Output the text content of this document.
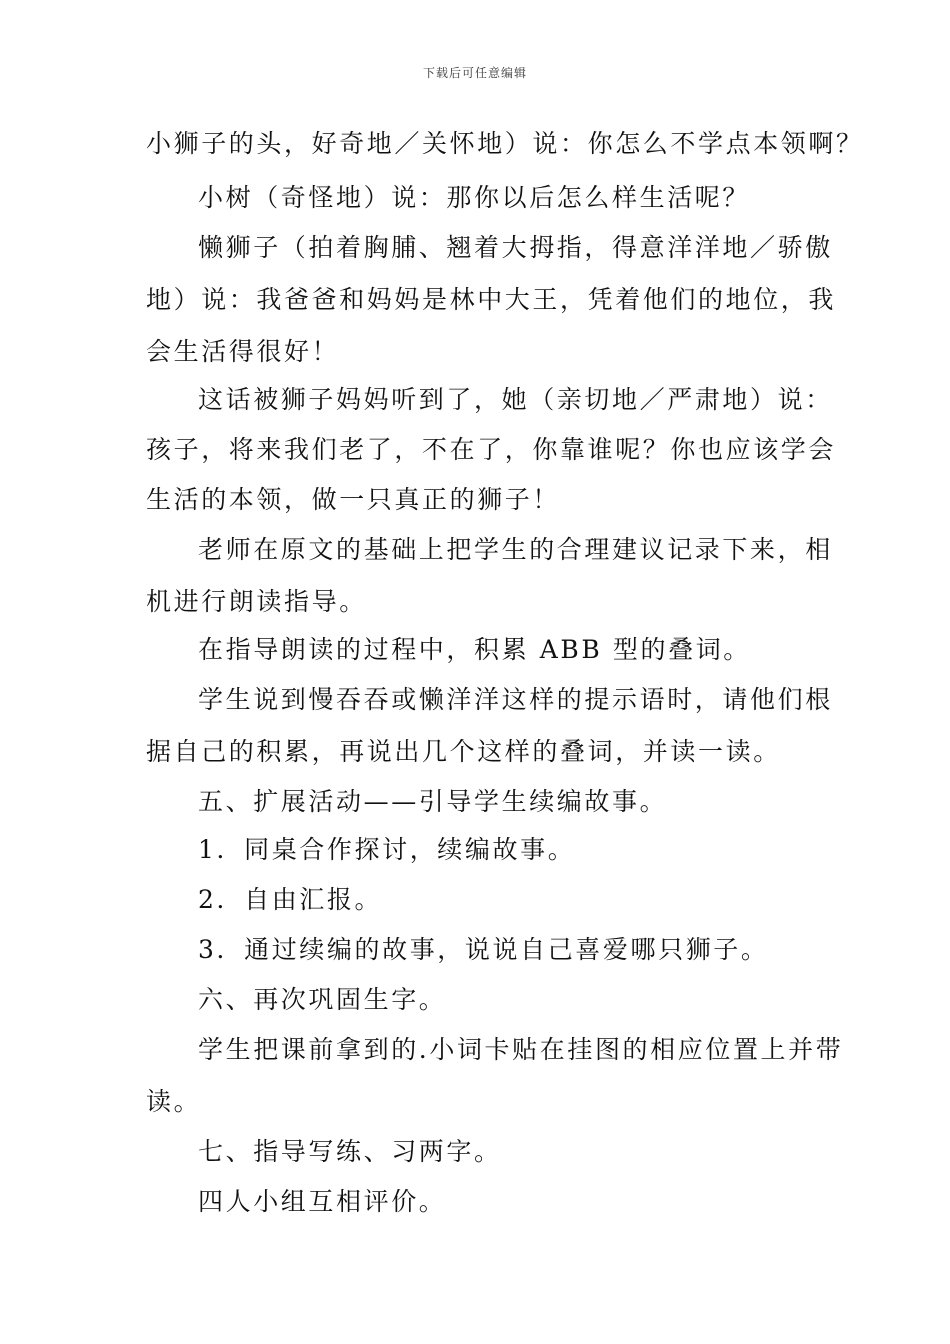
下载后可任意编辑
小狮子的头，好奇地／关怀地）说：你怎么不学点本领啊？
小树（奇怪地）说：那你以后怎么样生活呢？
懒狮子（拍着胸脯、翘着大拇指，得意洋洋地／骄傲
地）说：我爸爸和妈妈是林中大王，凭着他们的地位，我
会生活得很好！
这话被狮子妈妈听到了，她（亲切地／严肃地）说：
孩子，将来我们老了，不在了，你靠谁呢？你也应该学会
生活的本领，做一只真正的狮子！
老师在原文的基础上把学生的合理建议记录下来，相
机进行朗读指导。
在指导朗读的过程中，积累 ABB 型的叠词。
学生说到慢吞吞或懒洋洋这样的提示语时，请他们根
据自己的积累，再说出几个这样的叠词，并读一读。
五、扩展活动——引导学生续编故事。
1．同桌合作探讨，续编故事。
2．自由汇报。
3．通过续编的故事，说说自己喜爱哪只狮子。
六、再次巩固生字。
学生把课前拿到的.小词卡贴在挂图的相应位置上并带
读。
七、指导写练、习两字。
四人小组互相评价。
